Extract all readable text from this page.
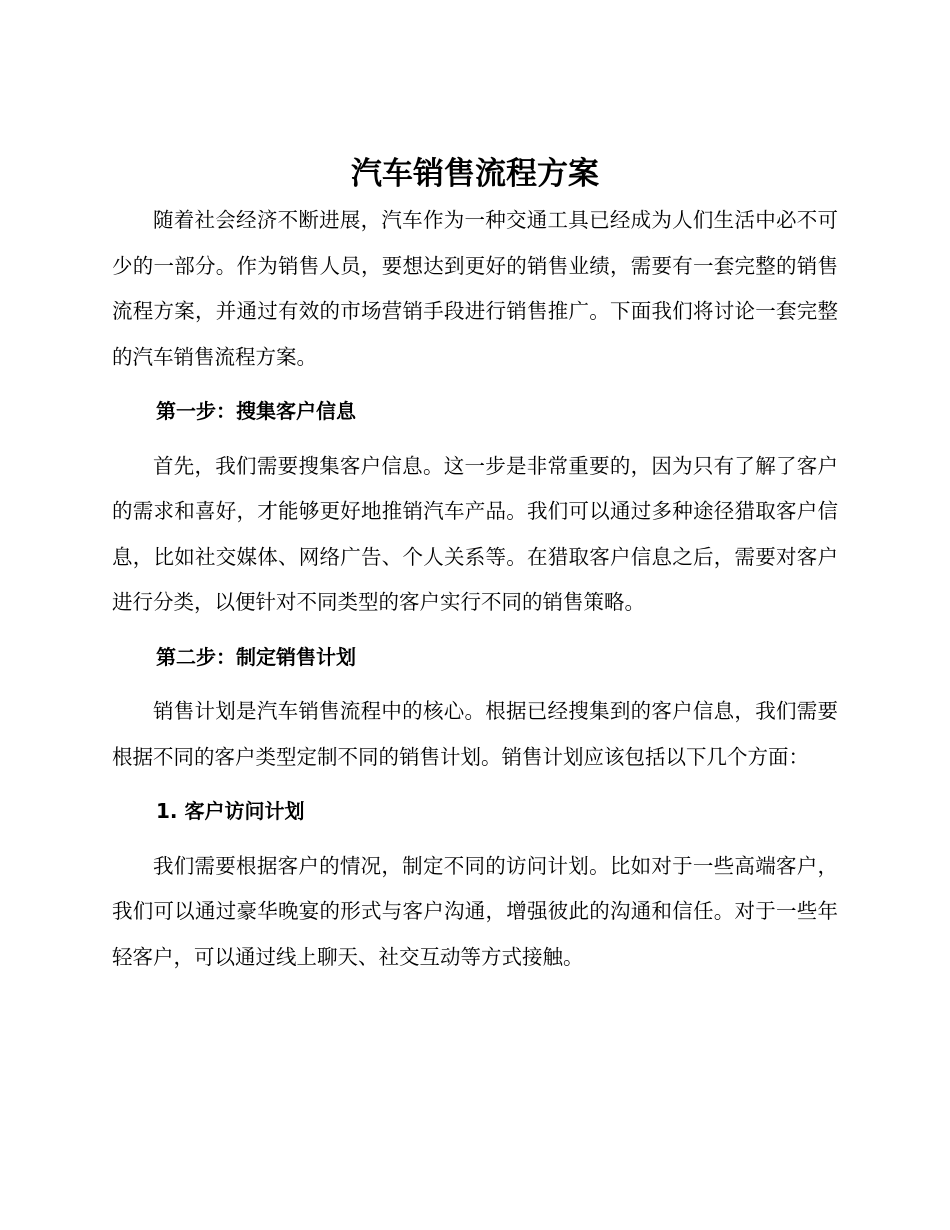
汽车销售流程方案

随着社会经济不断进展，汽车作为一种交通工具已经成为人们生活中必不可少的一部分。作为销售人员，要想达到更好的销售业绩，需要有一套完整的销售流程方案，并通过有效的市场营销手段进行销售推广。下面我们将讨论一套完整的汽车销售流程方案。

第一步：搜集客户信息

首先，我们需要搜集客户信息。这一步是非常重要的，因为只有了解了客户的需求和喜好，才能够更好地推销汽车产品。我们可以通过多种途径猎取客户信息，比如社交媒体、网络广告、个人关系等。在猎取客户信息之后，需要对客户进行分类，以便针对不同类型的客户实行不同的销售策略。

第二步：制定销售计划

销售计划是汽车销售流程中的核心。根据已经搜集到的客户信息，我们需要根据不同的客户类型定制不同的销售计划。销售计划应该包括以下几个方面：

1. 客户访问计划

我们需要根据客户的情况，制定不同的访问计划。比如对于一些高端客户，我们可以通过豪华晚宴的形式与客户沟通，增强彼此的沟通和信任。对于一些年轻客户，可以通过线上聊天、社交互动等方式接触。
